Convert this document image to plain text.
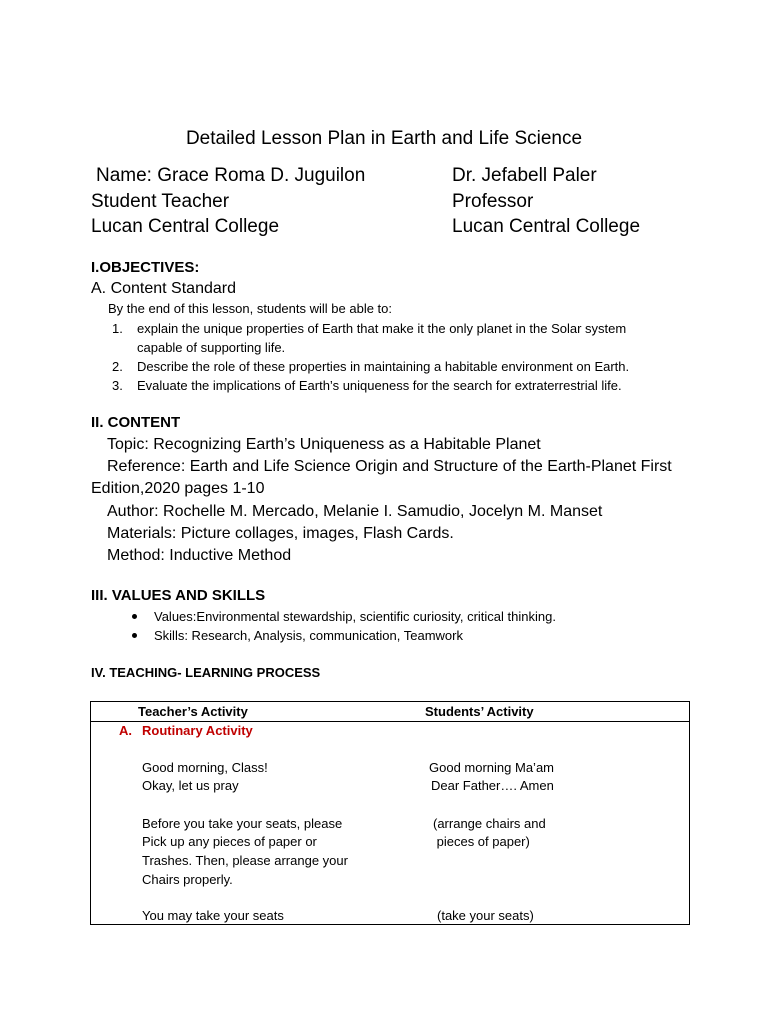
Detailed Lesson Plan in Earth and Life Science
Name: Grace Roma D. Juguilon
Student Teacher
Lucan Central College
Dr. Jefabell Paler
Professor
Lucan Central College
I.OBJECTIVES:
A. Content Standard
By the end of this lesson, students will be able to:
1. explain the unique properties of Earth that make it the only planet in the Solar system
capable of supporting life.
2. Describe the role of these properties in maintaining a habitable environment on Earth.
3. Evaluate the implications of Earth’s uniqueness for the search for extraterrestrial life.
II. CONTENT
Topic: Recognizing Earth’s Uniqueness as a Habitable Planet
Reference: Earth and Life Science Origin and Structure of the Earth-Planet First
Edition,2020 pages 1-10
Author: Rochelle M. Mercado, Melanie I. Samudio, Jocelyn M. Manset
Materials: Picture collages, images, Flash Cards.
Method: Inductive Method
III. VALUES AND SKILLS
Values:Environmental stewardship, scientific curiosity, critical thinking.
Skills: Research, Analysis, communication, Teamwork
IV. TEACHING- LEARNING PROCESS
Teacher’s Activity	Students’ Activity
A. Routinary Activity
Good morning, Class!
Okay, let us pray
Before you take your seats, please
Pick up any pieces of paper or
Trashes. Then, please arrange your
Chairs properly.
You may take your seats
Good morning Ma’am
Dear Father…. Amen
(arrange chairs and
pieces of paper)
(take your seats)
